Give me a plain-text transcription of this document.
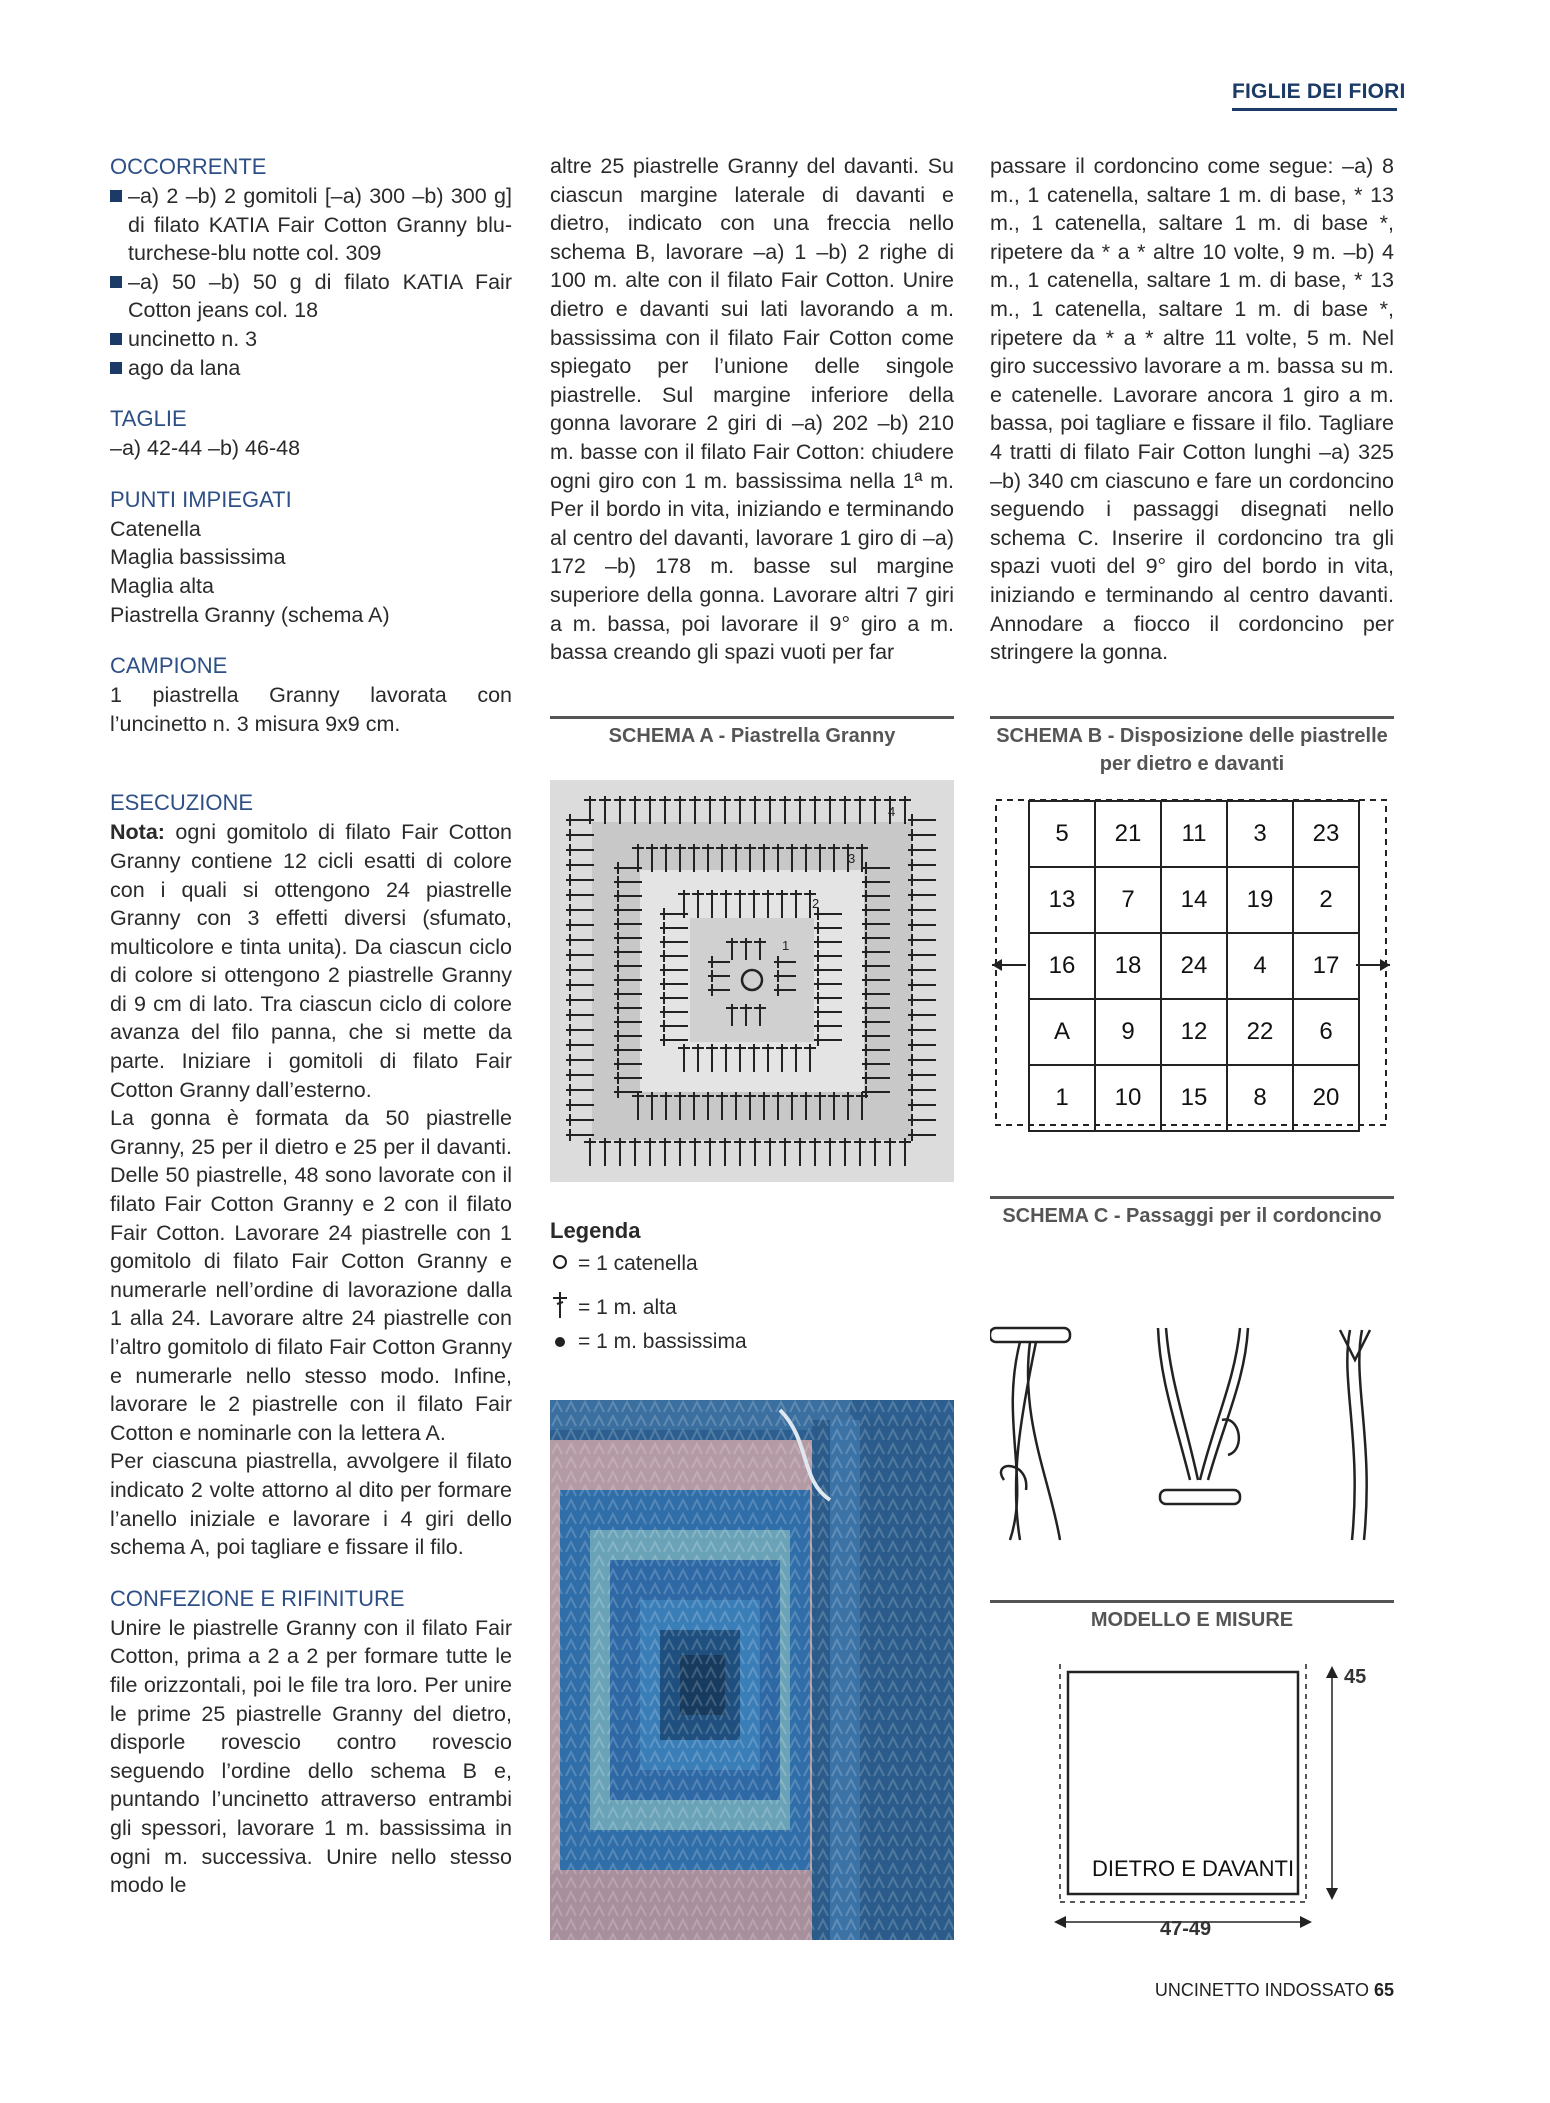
FIGLIE DEI FIORI
OCCORRENTE
–a) 2 –b) 2 gomitoli [–a) 300 –b) 300 g] di filato KATIA Fair Cotton Granny blu-turchese-blu notte col. 309
–a) 50 –b) 50 g di filato KATIA Fair Cotton jeans col. 18
uncinetto n. 3
ago da lana
TAGLIE
–a) 42-44 –b) 46-48
PUNTI IMPIEGATI
Catenella
Maglia bassissima
Maglia alta
Piastrella Granny (schema A)
CAMPIONE
1 piastrella Granny lavorata con l’uncinetto n. 3 misura 9x9 cm.
ESECUZIONE
Nota: ogni gomitolo di filato Fair Cotton Granny contiene 12 cicli esatti di colore con i quali si ottengono 24 piastrelle Granny con 3 effetti diversi (sfumato, multicolore e tinta unita). Da ciascun ciclo di colore si ottengono 2 piastrelle Granny di 9 cm di lato. Tra ciascun ciclo di colore avanza del filo panna, che si mette da parte. Iniziare i gomitoli di filato Fair Cotton Granny dall’esterno.
La gonna è formata da 50 piastrelle Granny, 25 per il dietro e 25 per il davanti. Delle 50 piastrelle, 48 sono lavorate con il filato Fair Cotton Granny e 2 con il filato Fair Cotton. Lavorare 24 piastrelle con 1 gomitolo di filato Fair Cotton Granny e numerarle nell’ordine di lavorazione dalla 1 alla 24. Lavorare altre 24 piastrelle con l’altro gomitolo di filato Fair Cotton Granny e numerarle nello stesso modo. Infine, lavorare le 2 piastrelle con il filato Fair Cotton e nominarle con la lettera A.
Per ciascuna piastrella, avvolgere il filato indicato 2 volte attorno al dito per formare l’anello iniziale e lavorare i 4 giri dello schema A, poi tagliare e fissare il filo.
CONFEZIONE E RIFINITURE
Unire le piastrelle Granny con il filato Fair Cotton, prima a 2 a 2 per formare tutte le file orizzontali, poi le file tra loro. Per unire le prime 25 piastrelle Granny del dietro, disporle rovescio contro rovescio seguendo l’ordine dello schema B e, puntando l’uncinetto attraverso entrambi gli spessori, lavorare 1 m. bassissima in ogni m. successiva. Unire nello stesso modo le
altre 25 piastrelle Granny del davanti. Su ciascun margine laterale di davanti e dietro, indicato con una freccia nello schema B, lavorare –a) 1 –b) 2 righe di 100 m. alte con il filato Fair Cotton. Unire dietro e davanti sui lati lavorando a m. bassissima con il filato Fair Cotton come spiegato per l’unione delle singole piastrelle. Sul margine inferiore della gonna lavorare 2 giri di –a) 202 –b) 210 m. basse con il filato Fair Cotton: chiudere ogni giro con 1 m. bassissima nella 1ª m. Per il bordo in vita, iniziando e terminando al centro del davanti, lavorare 1 giro di –a) 172 –b) 178 m. basse sul margine superiore della gonna. Lavorare altri 7 giri a m. bassa, poi lavorare il 9° giro a m. bassa creando gli spazi vuoti per far
passare il cordoncino come segue: –a) 8 m., 1 catenella, saltare 1 m. di base, * 13 m., 1 catenella, saltare 1 m. di base *, ripetere da * a * altre 10 volte, 9 m. –b) 4 m., 1 catenella, saltare 1 m. di base, * 13 m., 1 catenella, saltare 1 m. di base *, ripetere da * a * altre 11 volte, 5 m. Nel giro successivo lavorare a m. bassa su m. e catenelle. Lavorare ancora 1 giro a m. bassa, poi tagliare e fissare il filo. Tagliare 4 tratti di filato Fair Cotton lunghi –a) 325 –b) 340 cm ciascuno e fare un cordoncino seguendo i passaggi disegnati nello schema C. Inserire il cordoncino tra gli spazi vuoti del 9° giro del bordo in vita, iniziando e terminando al centro davanti. Annodare a fiocco il cordoncino per stringere la gonna.
SCHEMA A - Piastrella Granny
1
2
3
4
Legenda
= 1 catenella
= 1 m. alta
= 1 m. bassissima
SCHEMA B - Disposizione delle piastrelle
per dietro e davanti
5	21	11	3	23
13	7	14	19	2
16	18	24	4	17
A	9	12	22	6
1	10	15	8	20
SCHEMA C - Passaggi per il cordoncino
MODELLO E MISURE
DIETRO E DAVANTI
45
47-49
UNCINETTO INDOSSATO 65
